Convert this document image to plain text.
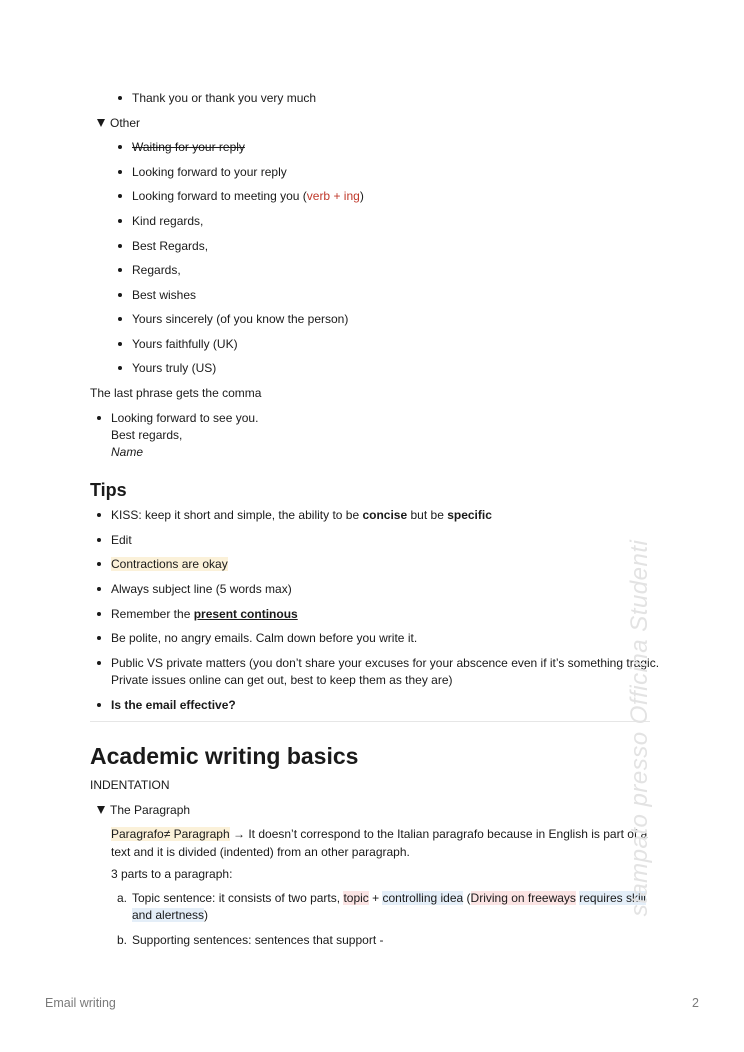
Thank you or thank you very much
Other
Waiting for your reply
Looking forward to your reply
Looking forward to meeting you (verb + ing)
Kind regards,
Best Regards,
Regards,
Best wishes
Yours sincerely (of you know the person)
Yours faithfully (UK)
Yours truly (US)
The last phrase gets the comma
Looking forward to see you.
Best regards,
Name
Tips
KISS: keep it short and simple, the ability to be concise but be specific
Edit
Contractions are okay
Always subject line (5 words max)
Remember the present continous
Be polite, no angry emails. Calm down before you write it.
Public VS private matters (you don’t share your excuses for your abscence even if it’s something tragic.
Private issues online can get out, best to keep them as they are)
Is the email effective?
Academic writing basics
INDENTATION
The Paragraph
Paragrafo≠ Paragraph → It doesn’t correspond to the Italian paragrafo because in English is part of a
text and it is divided (indented) from an other paragraph.
3 parts to a paragraph:
a. Topic sentence: it consists of two parts, topic + controlling idea (Driving on freeways requires skill
and alertness)
b. Supporting sentences: sentences that support -
stampato presso Officina Studenti
Email writing	2
